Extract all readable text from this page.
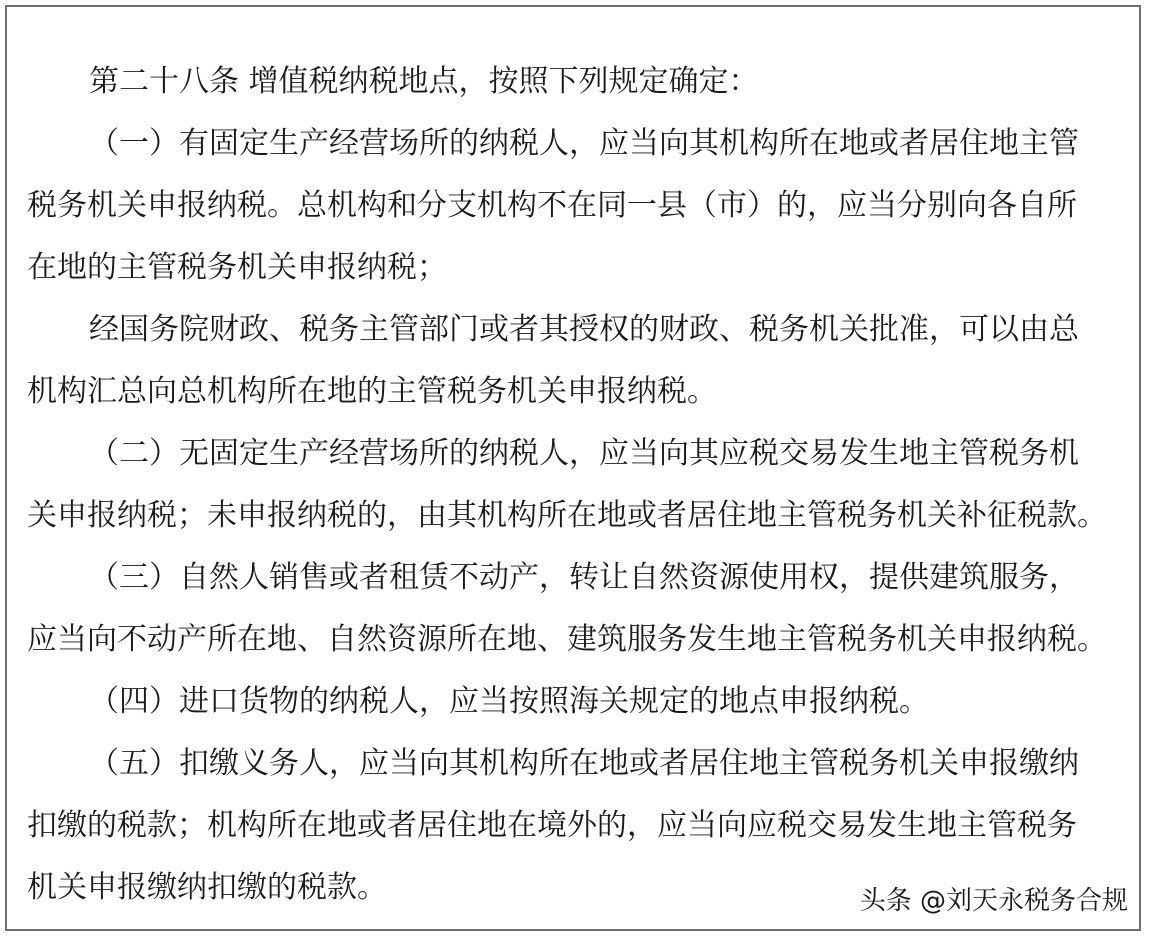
第二十八条 增值税纳税地点，按照下列规定确定：
（一）有固定生产经营场所的纳税人，应当向其机构所在地或者居住地主管
税务机关申报纳税。总机构和分支机构不在同一县（市）的，应当分别向各自所
在地的主管税务机关申报纳税；
经国务院财政、税务主管部门或者其授权的财政、税务机关批准，可以由总
机构汇总向总机构所在地的主管税务机关申报纳税。
（二）无固定生产经营场所的纳税人，应当向其应税交易发生地主管税务机
关申报纳税；未申报纳税的，由其机构所在地或者居住地主管税务机关补征税款。
（三）自然人销售或者租赁不动产，转让自然资源使用权，提供建筑服务，
应当向不动产所在地、自然资源所在地、建筑服务发生地主管税务机关申报纳税。
（四）进口货物的纳税人，应当按照海关规定的地点申报纳税。
（五）扣缴义务人，应当向其机构所在地或者居住地主管税务机关申报缴纳
扣缴的税款；机构所在地或者居住地在境外的，应当向应税交易发生地主管税务
机关申报缴纳扣缴的税款。	头条 @刘天永税务合规
